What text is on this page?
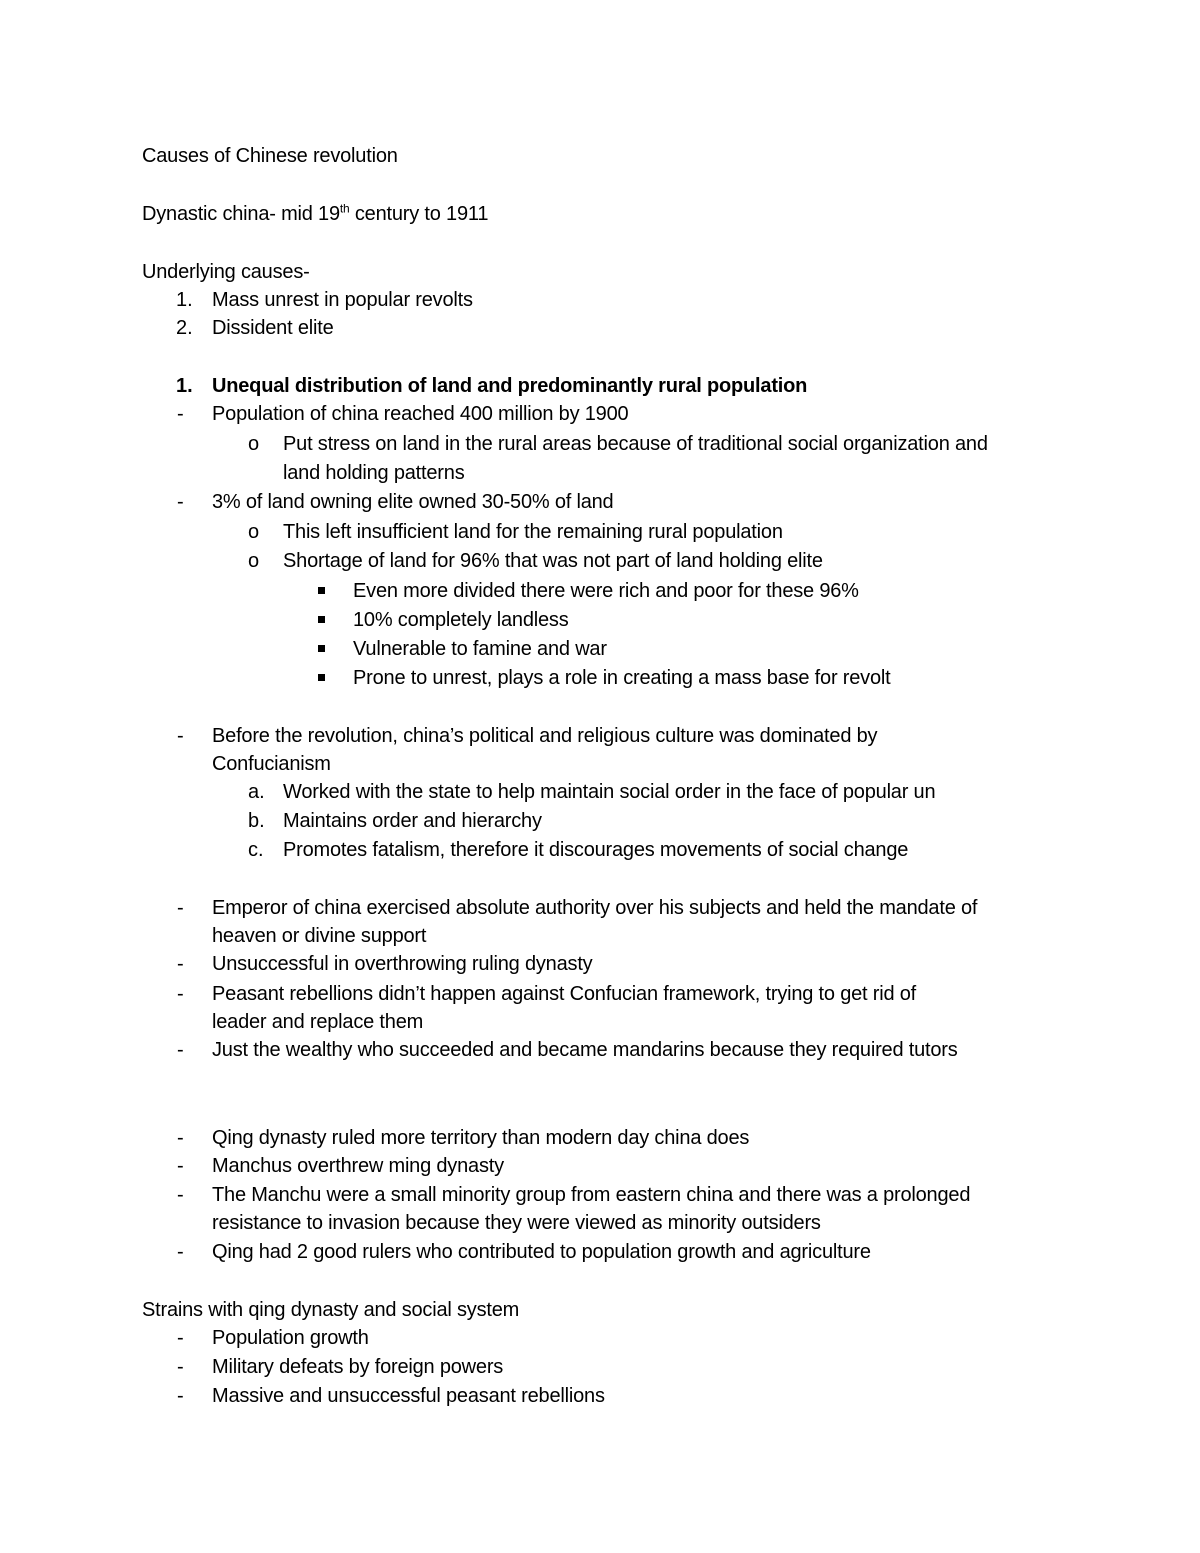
Causes of Chinese revolution
Dynastic china- mid 19th century to 1911
Underlying causes-
1. Mass unrest in popular revolts
2. Dissident elite
1. Unequal distribution of land and predominantly rural population
- Population of china reached 400 million by 1900
o Put stress on land in the rural areas because of traditional social organization and
land holding patterns
- 3% of land owning elite owned 30-50% of land
o This left insufficient land for the remaining rural population
o Shortage of land for 96% that was not part of land holding elite
Even more divided there were rich and poor for these 96%
10% completely landless
Vulnerable to famine and war
Prone to unrest, plays a role in creating a mass base for revolt
- Before the revolution, china’s political and religious culture was dominated by
Confucianism
a. Worked with the state to help maintain social order in the face of popular un
b. Maintains order and hierarchy
c. Promotes fatalism, therefore it discourages movements of social change
- Emperor of china exercised absolute authority over his subjects and held the mandate of
heaven or divine support
- Unsuccessful in overthrowing ruling dynasty
- Peasant rebellions didn’t happen against Confucian framework, trying to get rid of
leader and replace them
- Just the wealthy who succeeded and became mandarins because they required tutors
- Qing dynasty ruled more territory than modern day china does
- Manchus overthrew ming dynasty
- The Manchu were a small minority group from eastern china and there was a prolonged
resistance to invasion because they were viewed as minority outsiders
- Qing had 2 good rulers who contributed to population growth and agriculture
Strains with qing dynasty and social system
- Population growth
- Military defeats by foreign powers
- Massive and unsuccessful peasant rebellions
